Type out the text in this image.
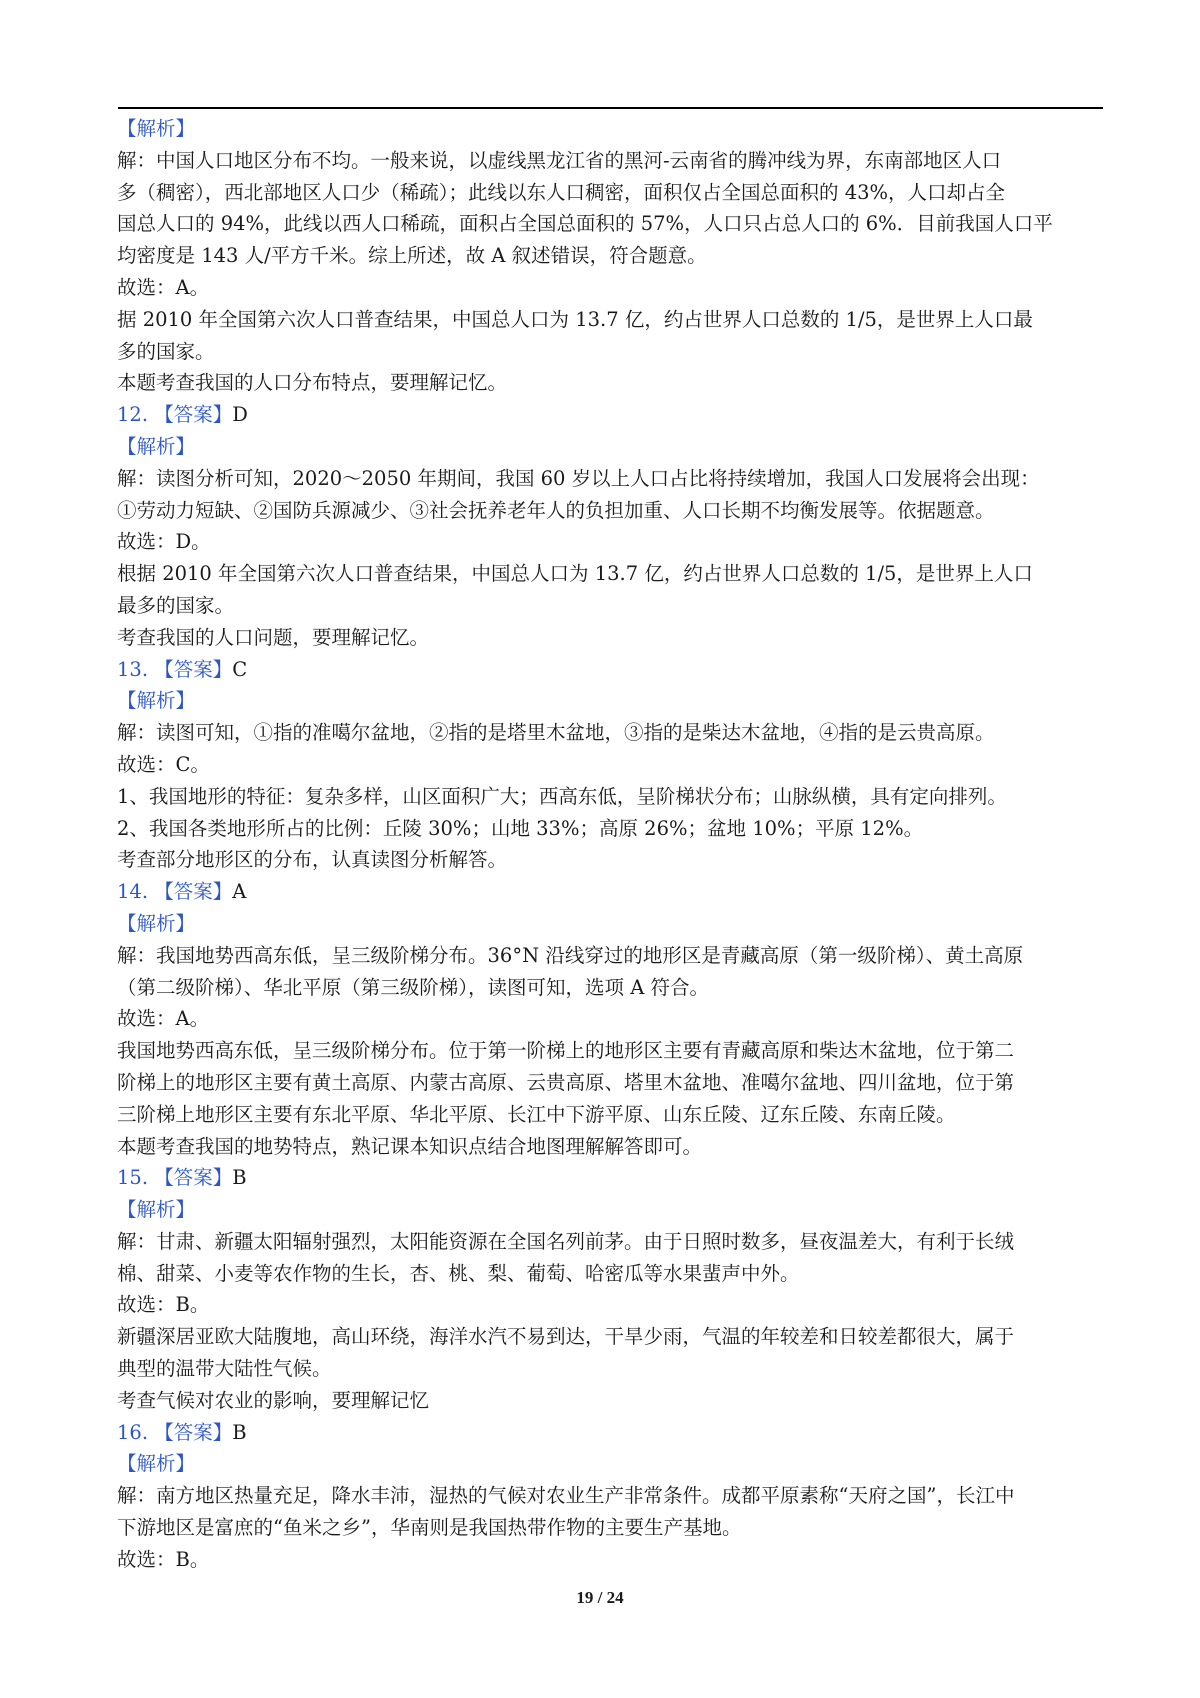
【解析】
解：中国人口地区分布不均。一般来说，以虚线黑龙江省的黑河-云南省的腾冲线为界，东南部地区人口
多（稠密），西北部地区人口少（稀疏）；此线以东人口稠密，面积仅占全国总面积的 43%，人口却占全
国总人口的 94%，此线以西人口稀疏，面积占全国总面积的 57%，人口只占总人口的 6%．目前我国人口平
均密度是 143 人/平方千米。综上所述，故 A 叙述错误，符合题意。
故选：A。
据 2010 年全国第六次人口普查结果，中国总人口为 13.7 亿，约占世界人口总数的 1/5，是世界上人口最
多的国家。
本题考查我国的人口分布特点，要理解记忆。
12. 【答案】D
【解析】
解：读图分析可知，2020～2050 年期间，我国 60 岁以上人口占比将持续增加，我国人口发展将会出现：
①劳动力短缺、②国防兵源减少、③社会抚养老年人的负担加重、人口长期不均衡发展等。依据题意。
故选：D。
根据 2010 年全国第六次人口普查结果，中国总人口为 13.7 亿，约占世界人口总数的 1/5，是世界上人口
最多的国家。
考查我国的人口问题，要理解记忆。
13. 【答案】C
【解析】
解：读图可知，①指的准噶尔盆地，②指的是塔里木盆地，③指的是柴达木盆地，④指的是云贵高原。
故选：C。
1、我国地形的特征：复杂多样，山区面积广大；西高东低，呈阶梯状分布；山脉纵横，具有定向排列。
2、我国各类地形所占的比例：丘陵 30%；山地 33%；高原 26%；盆地 10%；平原 12%。
考查部分地形区的分布，认真读图分析解答。
14. 【答案】A
【解析】
解：我国地势西高东低，呈三级阶梯分布。36°N 沿线穿过的地形区是青藏高原（第一级阶梯）、黄土高原
（第二级阶梯）、华北平原（第三级阶梯），读图可知，选项 A 符合。
故选：A。
我国地势西高东低，呈三级阶梯分布。位于第一阶梯上的地形区主要有青藏高原和柴达木盆地，位于第二
阶梯上的地形区主要有黄土高原、内蒙古高原、云贵高原、塔里木盆地、准噶尔盆地、四川盆地，位于第
三阶梯上地形区主要有东北平原、华北平原、长江中下游平原、山东丘陵、辽东丘陵、东南丘陵。
本题考查我国的地势特点，熟记课本知识点结合地图理解解答即可。
15. 【答案】B
【解析】
解：甘肃、新疆太阳辐射强烈，太阳能资源在全国名列前茅。由于日照时数多，昼夜温差大，有利于长绒
棉、甜菜、小麦等农作物的生长，杏、桃、梨、葡萄、哈密瓜等水果蜚声中外。
故选：B。
新疆深居亚欧大陆腹地，高山环绕，海洋水汽不易到达，干旱少雨，气温的年较差和日较差都很大，属于
典型的温带大陆性气候。
考查气候对农业的影响，要理解记忆
16. 【答案】B
【解析】
解：南方地区热量充足，降水丰沛，湿热的气候对农业生产非常条件。成都平原素称“天府之国”，长江中
下游地区是富庶的“鱼米之乡”，华南则是我国热带作物的主要生产基地。
故选：B。
19 / 24
